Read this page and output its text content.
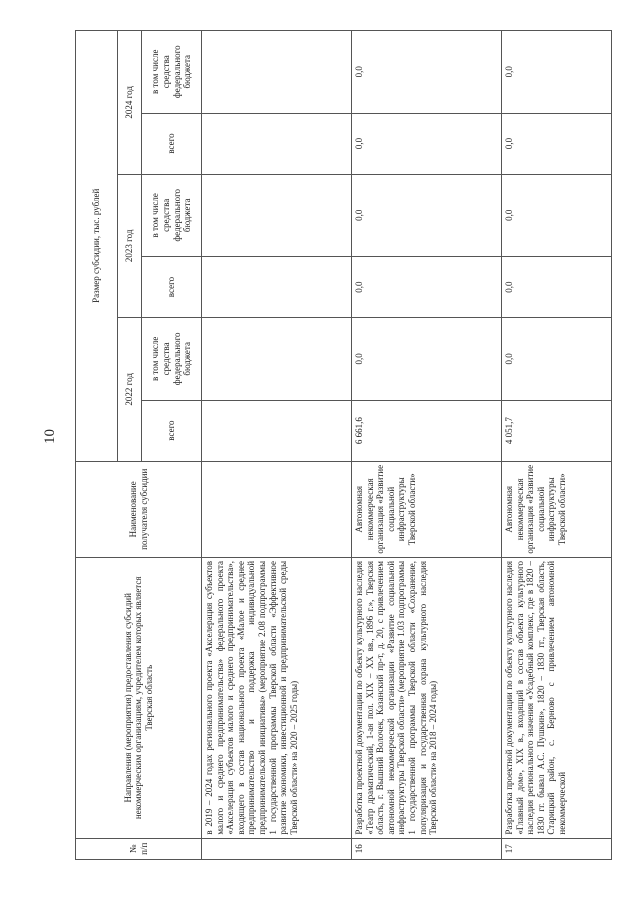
10
№ п/п	Направления (мероприятия) предоставления субсидий некоммерческим организациям, учредителем которых является Тверская область	Наименование получателя субсидии	Размер субсидии, тыс. рублей					
			2022 год		2023 год		2024 год	
			всего	в том числе средства федерального бюджета	всего	в том числе средства федерального бюджета	всего	в том числе средства федерального бюджета
	в 2019 – 2024 годах регионального проекта «Акселерация субъектов малого и среднего предпринимательства» федерального проекта «Акселерация субъектов малого и среднего предпринимательства», входящего в состав национального проекта «Малое и среднее предпринимательство и поддержка индивидуальной предпринимательской инициативы» (мероприятие 2.08 подпрограммы 1 государственной программы Тверской области «Эффективное развитие экономики, инвестиционной и предпринимательской среды Тверской области» на 2020 – 2025 годы)							
16	Разработка проектной документации по объекту культурного наследия «Театр драматический, 1-ая пол. XIX – XX вв., 1896 г.», Тверская область, г. Вышний Волочек, Казанский пр-т, д. 20, с привлечением автономной некоммерческой организации «Развитие социальной инфраструктуры Тверской области» (мероприятие 1.03 подпрограммы 1 государственной программы Тверской области «Сохранение, популяризация и государственная охрана культурного наследия Тверской области» на 2018 – 2024 годы)	Автономная некоммерческая организация «Развитие социальной инфраструктуры Тверской области»	6 661,6	0,0	0,0	0,0	0,0	0,0
17	Разработка проектной документации по объекту культурного наследия «Главный дом», XIX в., входящий в состав объекта культурного наследия регионального значения «Усадебный комплекс, где в 1820 – 1830 гг. бывал А.С. Пушкин», 1820 – 1830 гг., Тверская область, Старицкий район, с. Берново с привлечением автономной некоммерческой	Автономная некоммерческая организация «Развитие социальной инфраструктуры Тверской области»	4 051,7	0,0	0,0	0,0	0,0	0,0
